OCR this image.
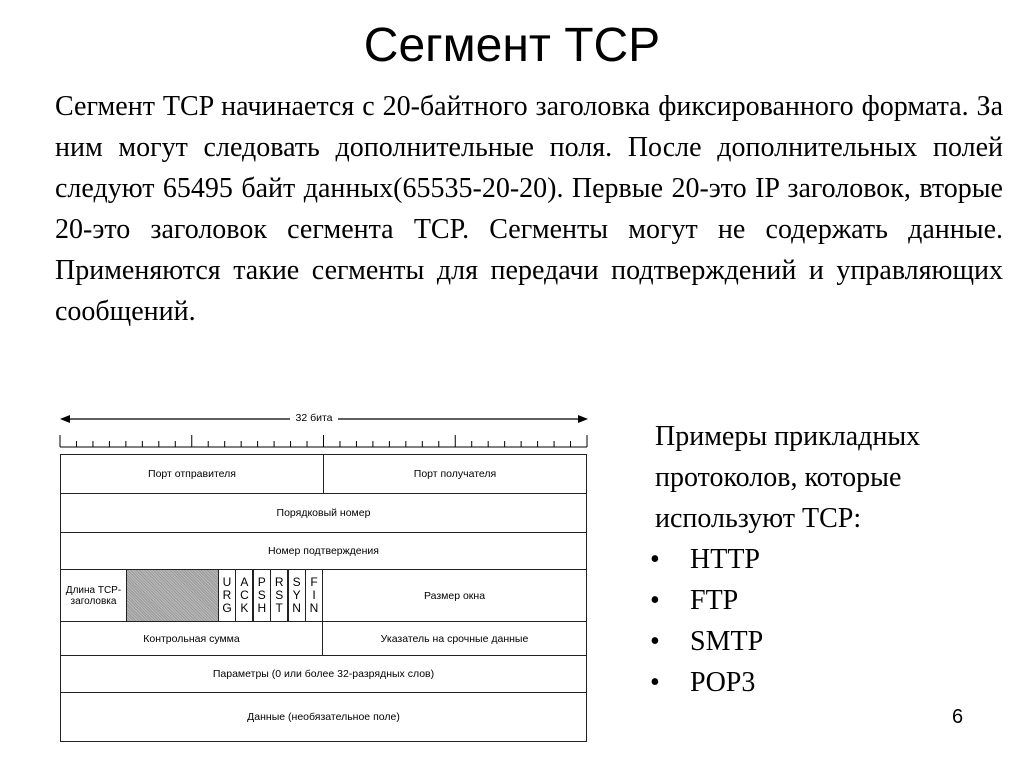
Сегмент TCP
Сегмент TCP начинается с 20-байтного заголовка фиксированного формата. За ним могут следовать дополнительные поля. После дополнительных полей следуют 65495 байт данных(65535-20-20). Первые 20-это IP заголовок, вторые 20-это заголовок сегмента TCP. Сегменты могут не содержать данные. Применяются такие сегменты для передачи подтверждений и управляющих сообщений.
32 бита
Порт отправителя	Порт получателя
Порядковый номер
Номер подтверждения
Длина TCP-заголовка
URG
ACK
PSH
RST
SYN
FIN
Размер окна
Контрольная сумма	Указатель на срочные данные
Параметры (0 или более 32-разрядных слов)
Данные (необязательное поле)
Примеры прикладных протоколов, которые используют TCP:
• HTTP
• FTP
• SMTP
• POP3
6
